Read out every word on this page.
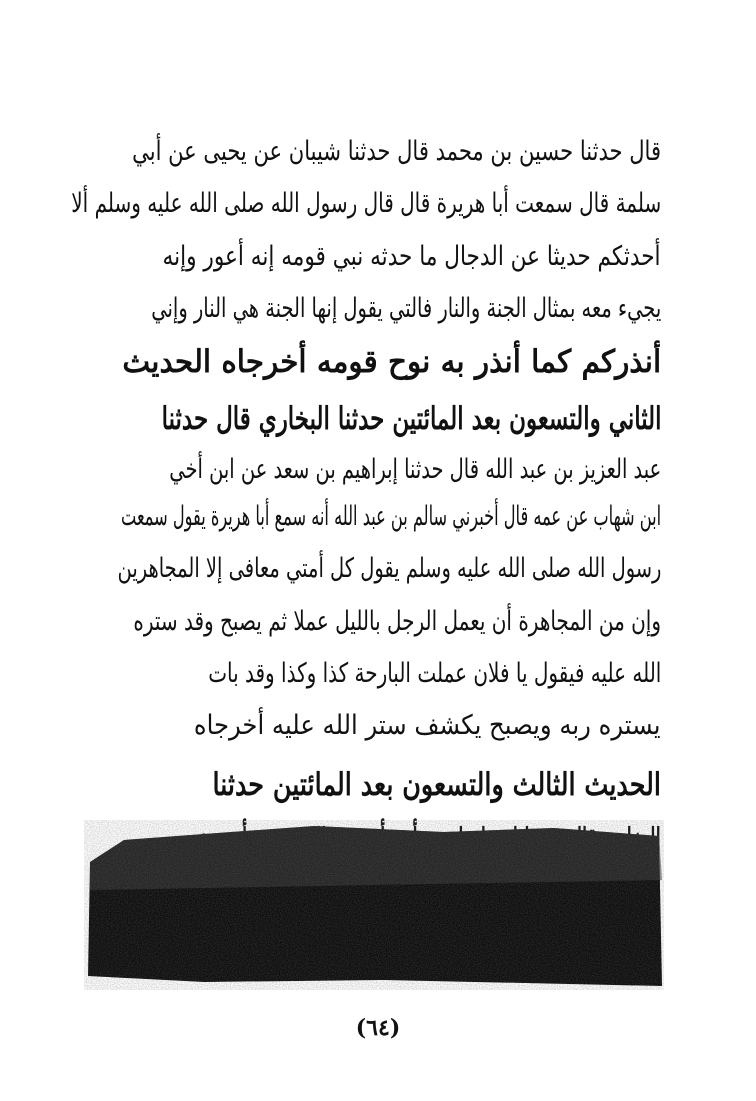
قال حدثنا حسين بن محمد قال حدثنا شيبان عن يحيى عن أبي
سلمة قال سمعت أبا هريرة قال قال رسول الله صلى الله عليه وسلم ألا
أحدثكم حديثا عن الدجال ما حدثه نبي قومه إنه أعور وإنه
يجيء معه بمثال الجنة والنار فالتي يقول إنها الجنة هي النار وإني
أنذركم كما أنذر به نوح قومه أخرجاه الحديث
الثاني والتسعون بعد المائتين حدثنا البخاري قال حدثنا
عبد العزيز بن عبد الله قال حدثنا إبراهيم بن سعد عن ابن أخي
ابن شهاب عن عمه قال أخبرني سالم بن عبد الله أنه سمع أبا هريرة يقول سمعت
رسول الله صلى الله عليه وسلم يقول كل أمتي معافى إلا المجاهرين
وإن من المجاهرة أن يعمل الرجل بالليل عملا ثم يصبح وقد ستره
الله عليه فيقول يا فلان عملت البارحة كذا وكذا وقد بات
يستره ربه ويصبح يكشف ستر الله عليه أخرجاه
الحديث الثالث والتسعون بعد المائتين حدثنا
(٦٤)
